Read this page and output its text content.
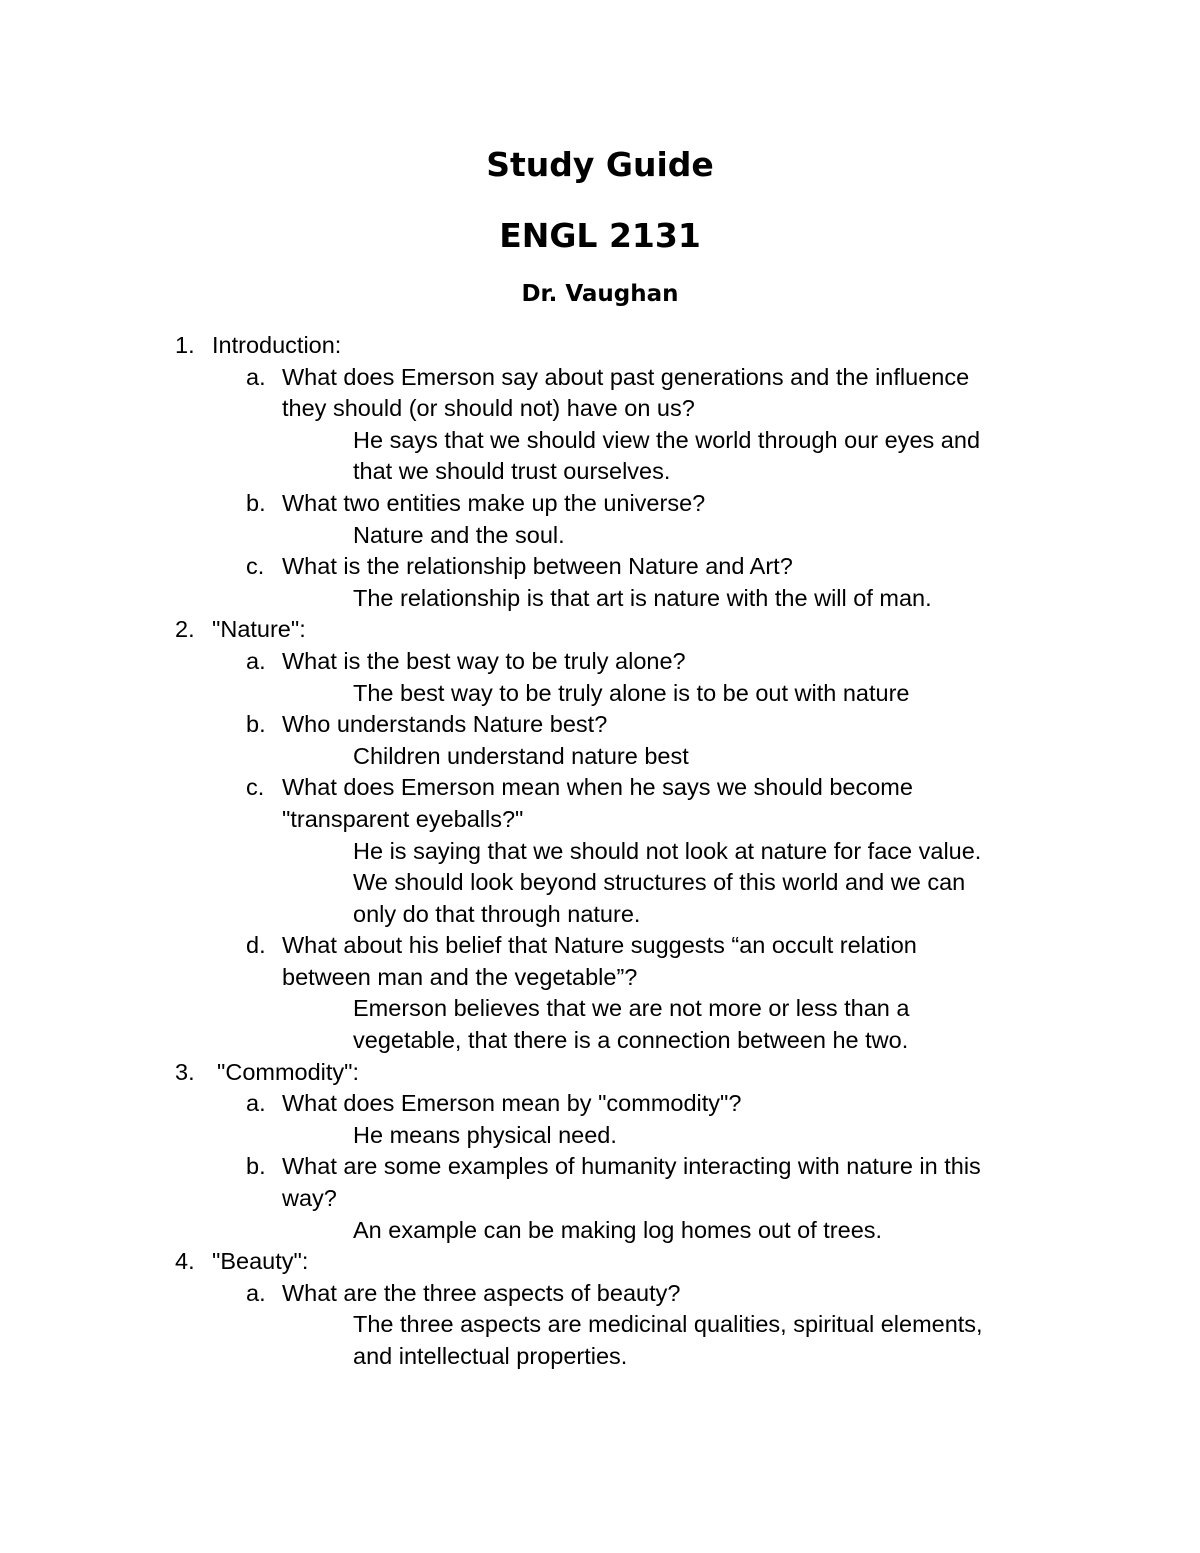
Study Guide
ENGL 2131
Dr. Vaughan
1. Introduction:
a. What does Emerson say about past generations and the influence
they should (or should not) have on us?
He says that we should view the world through our eyes and
that we should trust ourselves.
b. What two entities make up the universe?
Nature and the soul.
c. What is the relationship between Nature and Art?
The relationship is that art is nature with the will of man.
2. "Nature":
a. What is the best way to be truly alone?
The best way to be truly alone is to be out with nature
b. Who understands Nature best?
Children understand nature best
c. What does Emerson mean when he says we should become
"transparent eyeballs?"
He is saying that we should not look at nature for face value.
We should look beyond structures of this world and we can
only do that through nature.
d. What about his belief that Nature suggests “an occult relation
between man and the vegetable”?
Emerson believes that we are not more or less than a
vegetable, that there is a connection between he two.
3. "Commodity":
a. What does Emerson mean by "commodity"?
He means physical need.
b. What are some examples of humanity interacting with nature in this
way?
An example can be making log homes out of trees.
4. "Beauty":
a. What are the three aspects of beauty?
The three aspects are medicinal qualities, spiritual elements,
and intellectual properties.
